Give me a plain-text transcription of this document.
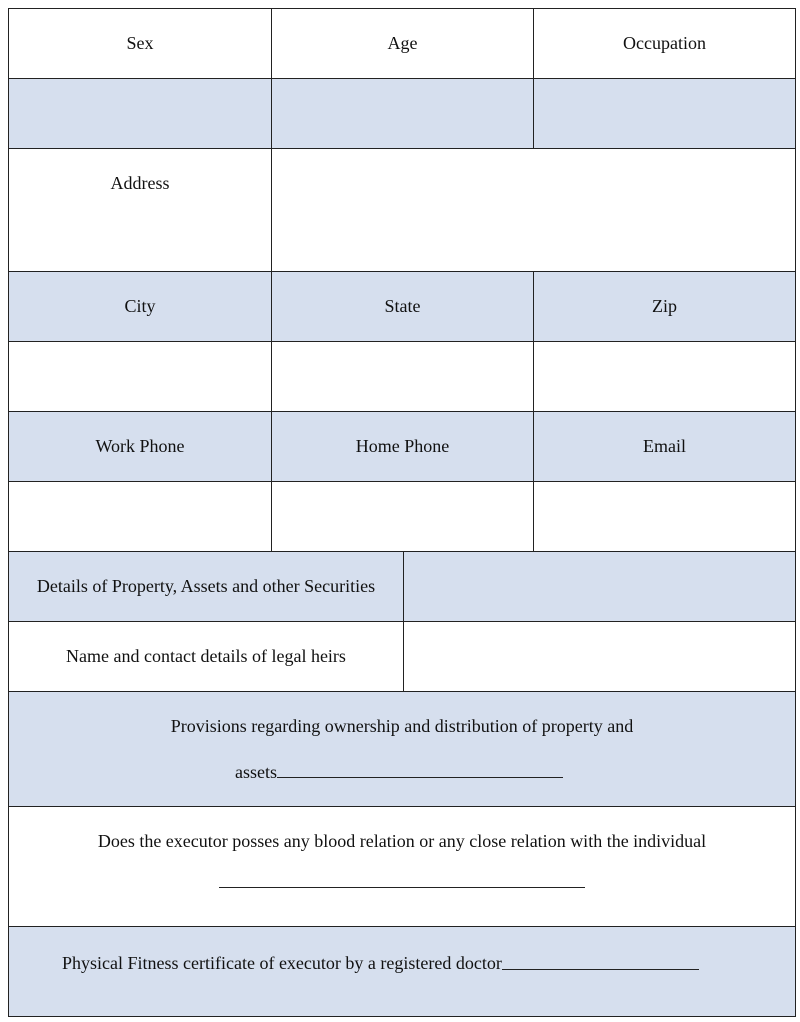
Sex	Age	Occupation
Address
City	State	Zip
Work Phone	Home Phone	Email
Details of Property, Assets and other Securities
Name and contact details of legal heirs
Provisions regarding ownership and distribution of property and
assets
Does the executor posses any blood relation or any close relation with the individual
Physical Fitness certificate of executor by a registered doctor
